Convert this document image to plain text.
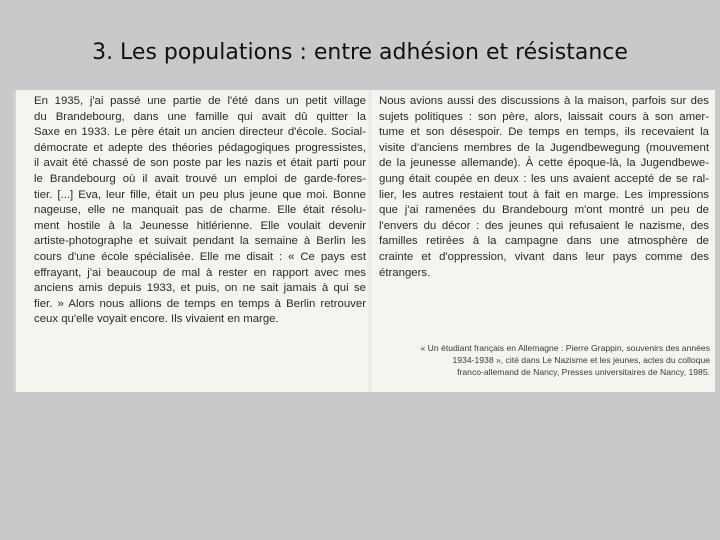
3. Les populations : entre adhésion et résistance
En 1935, j'ai passé une partie de l'été dans un petit village
du Brandebourg, dans une famille qui avait dû quitter la
Saxe en 1933. Le père était un ancien directeur d'école. Social-
démocrate et adepte des théories pédagogiques progressistes,
il avait été chassé de son poste par les nazis et était parti pour
le Brandebourg où il avait trouvé un emploi de garde-fores-
tier. [...] Eva, leur fille, était un peu plus jeune que moi. Bonne
nageuse, elle ne manquait pas de charme. Elle était résolu-
ment hostile à la Jeunesse hitlérienne. Elle voulait devenir
artiste-photographe et suivait pendant la semaine à Berlin les
cours d'une école spécialisée. Elle me disait : « Ce pays est
effrayant, j'ai beaucoup de mal à rester en rapport avec mes
anciens amis depuis 1933, et puis, on ne sait jamais à qui se
fier. » Alors nous allions de temps en temps à Berlin retrouver
ceux qu'elle voyait encore. Ils vivaient en marge.
Nous avions aussi des discussions à la maison, parfois sur des
sujets politiques : son père, alors, laissait cours à son amer-
tume et son désespoir. De temps en temps, ils recevaient la
visite d'anciens membres de la Jugendbewegung (mouvement
de la jeunesse allemande). À cette époque-là, la Jugendbewe-
gung était coupée en deux : les uns avaient accepté de se ral-
lier, les autres restaient tout à fait en marge. Les impressions
que j'ai ramenées du Brandebourg m'ont montré un peu de
l'envers du décor : des jeunes qui refusaient le nazisme, des
familles retirées à la campagne dans une atmosphère de
crainte et d'oppression, vivant dans leur pays comme des
étrangers.
« Un étudiant français en Allemagne : Pierre Grappin, souvenirs des années
1934-1938 », cité dans Le Nazisme et les jeunes, actes du colloque
franco-allemand de Nancy, Presses universitaires de Nancy, 1985.
